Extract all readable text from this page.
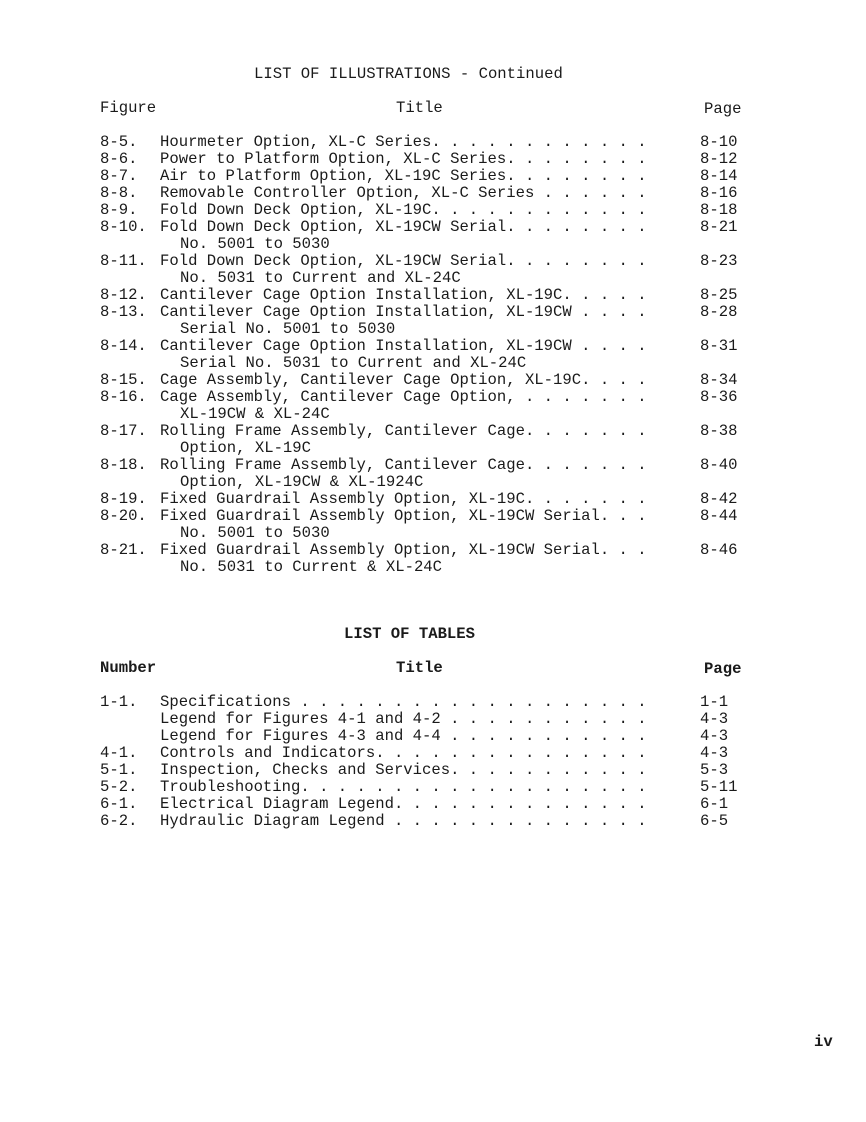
LIST OF ILLUSTRATIONS - Continued
Figure	Title	Page
8-5. Hourmeter Option, XL-C Series. . . . . . . . . . . .	8-10
8-6. Power to Platform Option, XL-C Series. . . . . . . .	8-12
8-7. Air to Platform Option, XL-19C Series. . . . . . . .	8-14
8-8. Removable Controller Option, XL-C Series . . . . . .	8-16
8-9. Fold Down Deck Option, XL-19C. . . . . . . . . . . .	8-18
8-10. Fold Down Deck Option, XL-19CW Serial. . . . . . . .	8-21
No. 5001 to 5030
8-11. Fold Down Deck Option, XL-19CW Serial. . . . . . . .	8-23
No. 5031 to Current and XL-24C
8-12. Cantilever Cage Option Installation, XL-19C. . . . .	8-25
8-13. Cantilever Cage Option Installation, XL-19CW . . . .	8-28
Serial No. 5001 to 5030
8-14. Cantilever Cage Option Installation, XL-19CW . . . .	8-31
Serial No. 5031 to Current and XL-24C
8-15. Cage Assembly, Cantilever Cage Option, XL-19C. . . .	8-34
8-16. Cage Assembly, Cantilever Cage Option, . . . . . . .	8-36
XL-19CW & XL-24C
8-17. Rolling Frame Assembly, Cantilever Cage. . . . . . .	8-38
Option, XL-19C
8-18. Rolling Frame Assembly, Cantilever Cage. . . . . . .	8-40
Option, XL-19CW & XL-1924C
8-19. Fixed Guardrail Assembly Option, XL-19C. . . . . . .	8-42
8-20. Fixed Guardrail Assembly Option, XL-19CW Serial. . .	8-44
No. 5001 to 5030
8-21. Fixed Guardrail Assembly Option, XL-19CW Serial. . .	8-46
No. 5031 to Current & XL-24C
LIST OF TABLES
Number	Title	Page
1-1. Specifications . . . . . . . . . . . . . . . . . . .	1-1
Legend for Figures 4-1 and 4-2 . . . . . . . . . . .	4-3
Legend for Figures 4-3 and 4-4 . . . . . . . . . . .	4-3
4-1. Controls and Indicators. . . . . . . . . . . . . . .	4-3
5-1. Inspection, Checks and Services. . . . . . . . . . .	5-3
5-2. Troubleshooting. . . . . . . . . . . . . . . . . . .	5-11
6-1. Electrical Diagram Legend. . . . . . . . . . . . . .	6-1
6-2. Hydraulic Diagram Legend . . . . . . . . . . . . . .	6-5
iv
